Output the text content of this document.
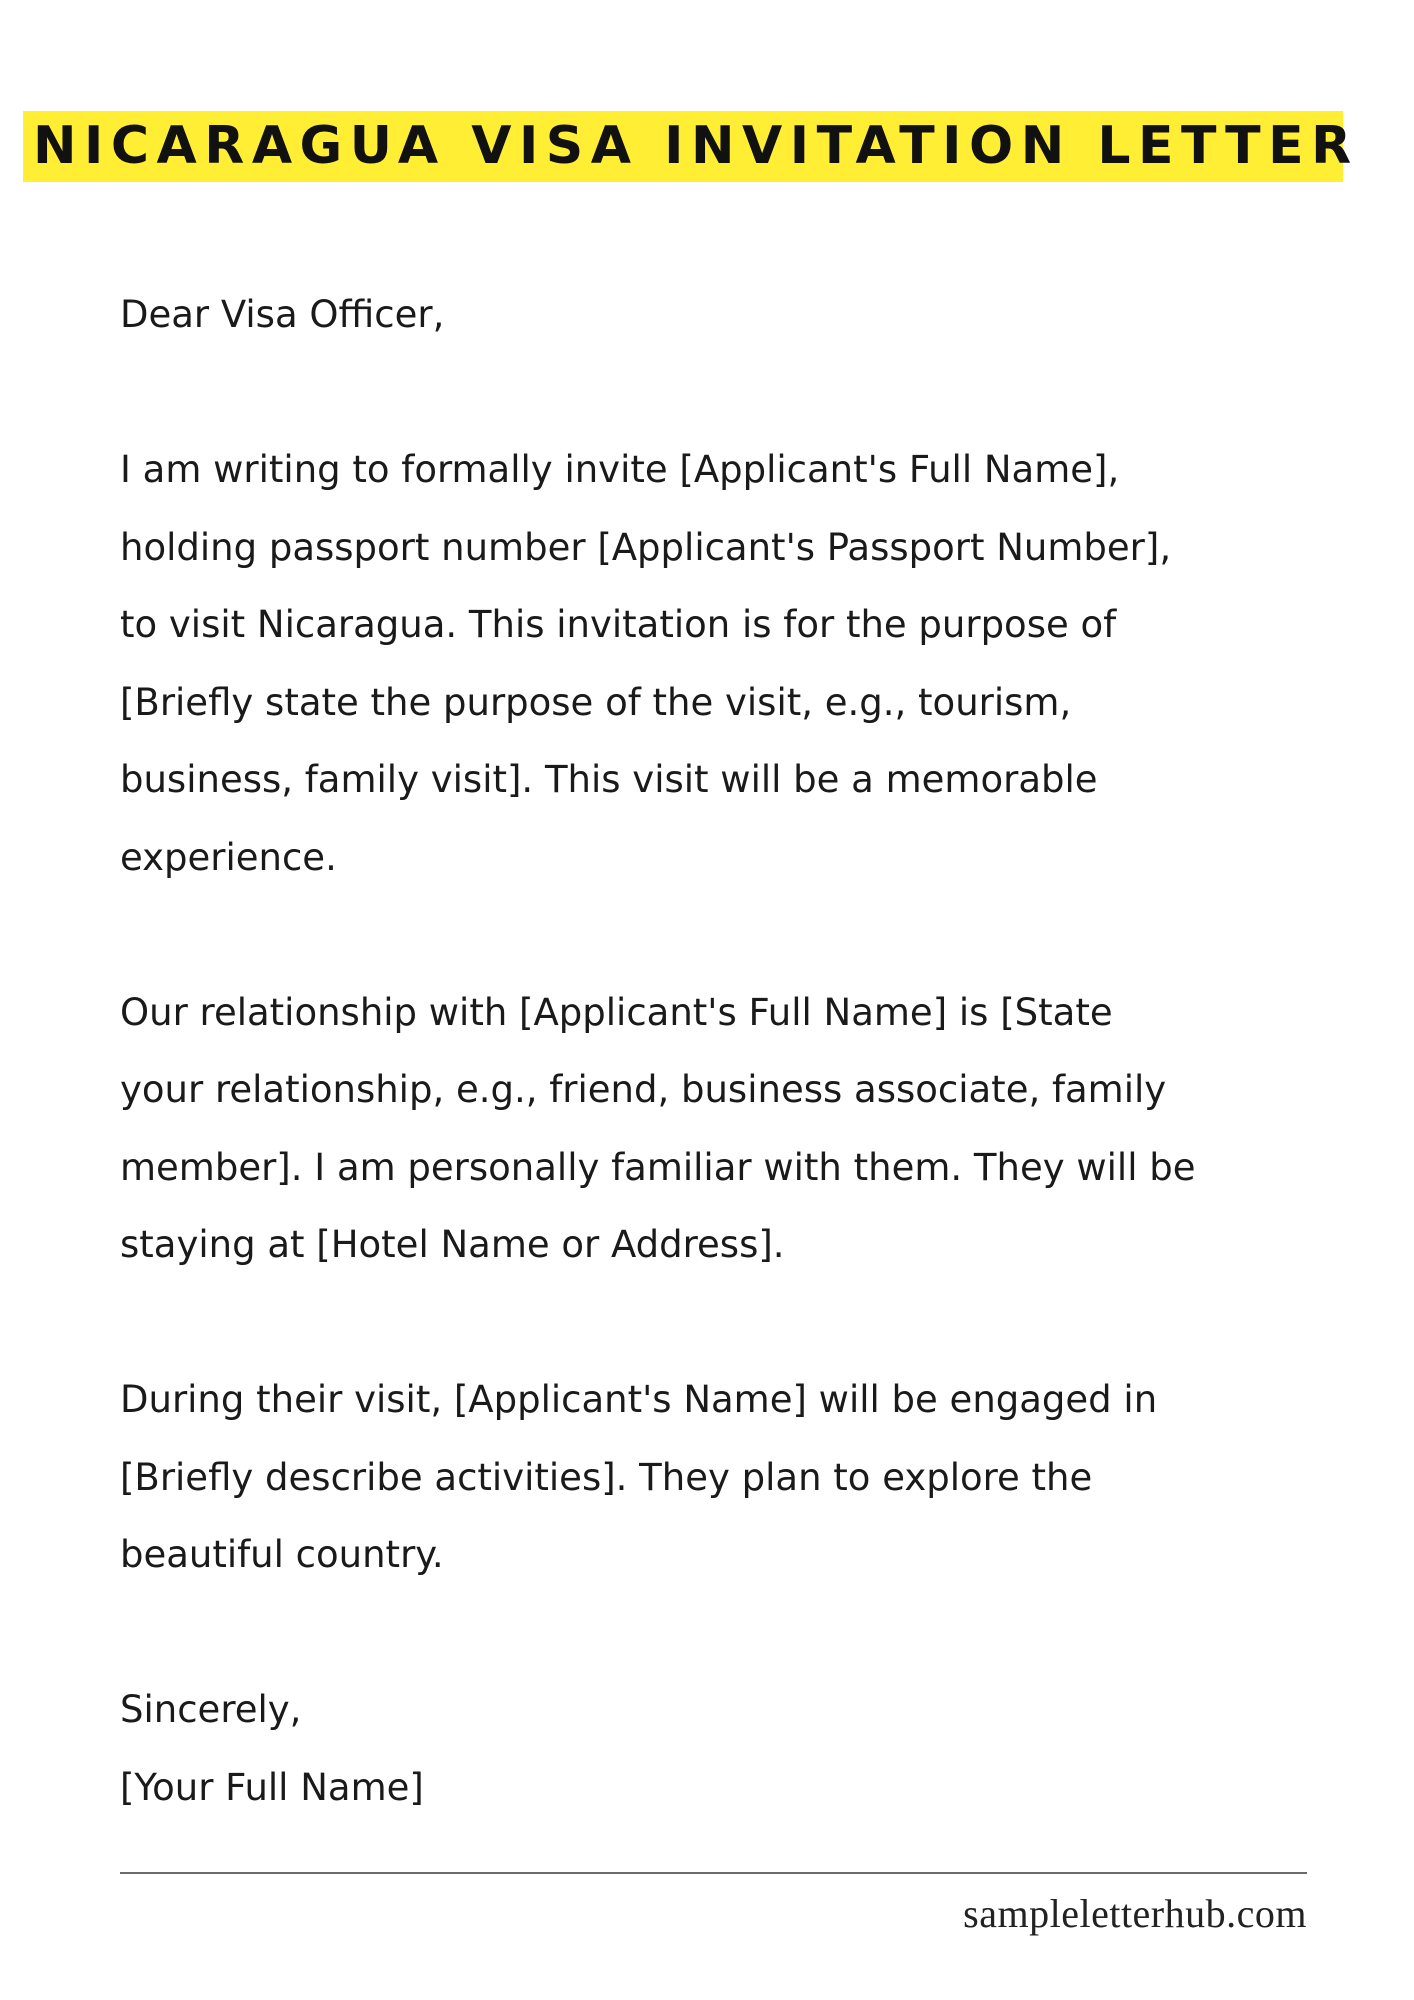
NICARAGUA VISA INVITATION LETTER

Dear Visa Officer,

I am writing to formally invite [Applicant's Full Name],
holding passport number [Applicant's Passport Number],
to visit Nicaragua. This invitation is for the purpose of
[Briefly state the purpose of the visit, e.g., tourism,
business, family visit]. This visit will be a memorable
experience.

Our relationship with [Applicant's Full Name] is [State
your relationship, e.g., friend, business associate, family
member]. I am personally familiar with them. They will be
staying at [Hotel Name or Address].

During their visit, [Applicant's Name] will be engaged in
[Briefly describe activities]. They plan to explore the
beautiful country.

Sincerely,
[Your Full Name]

sampleletterhub.com
